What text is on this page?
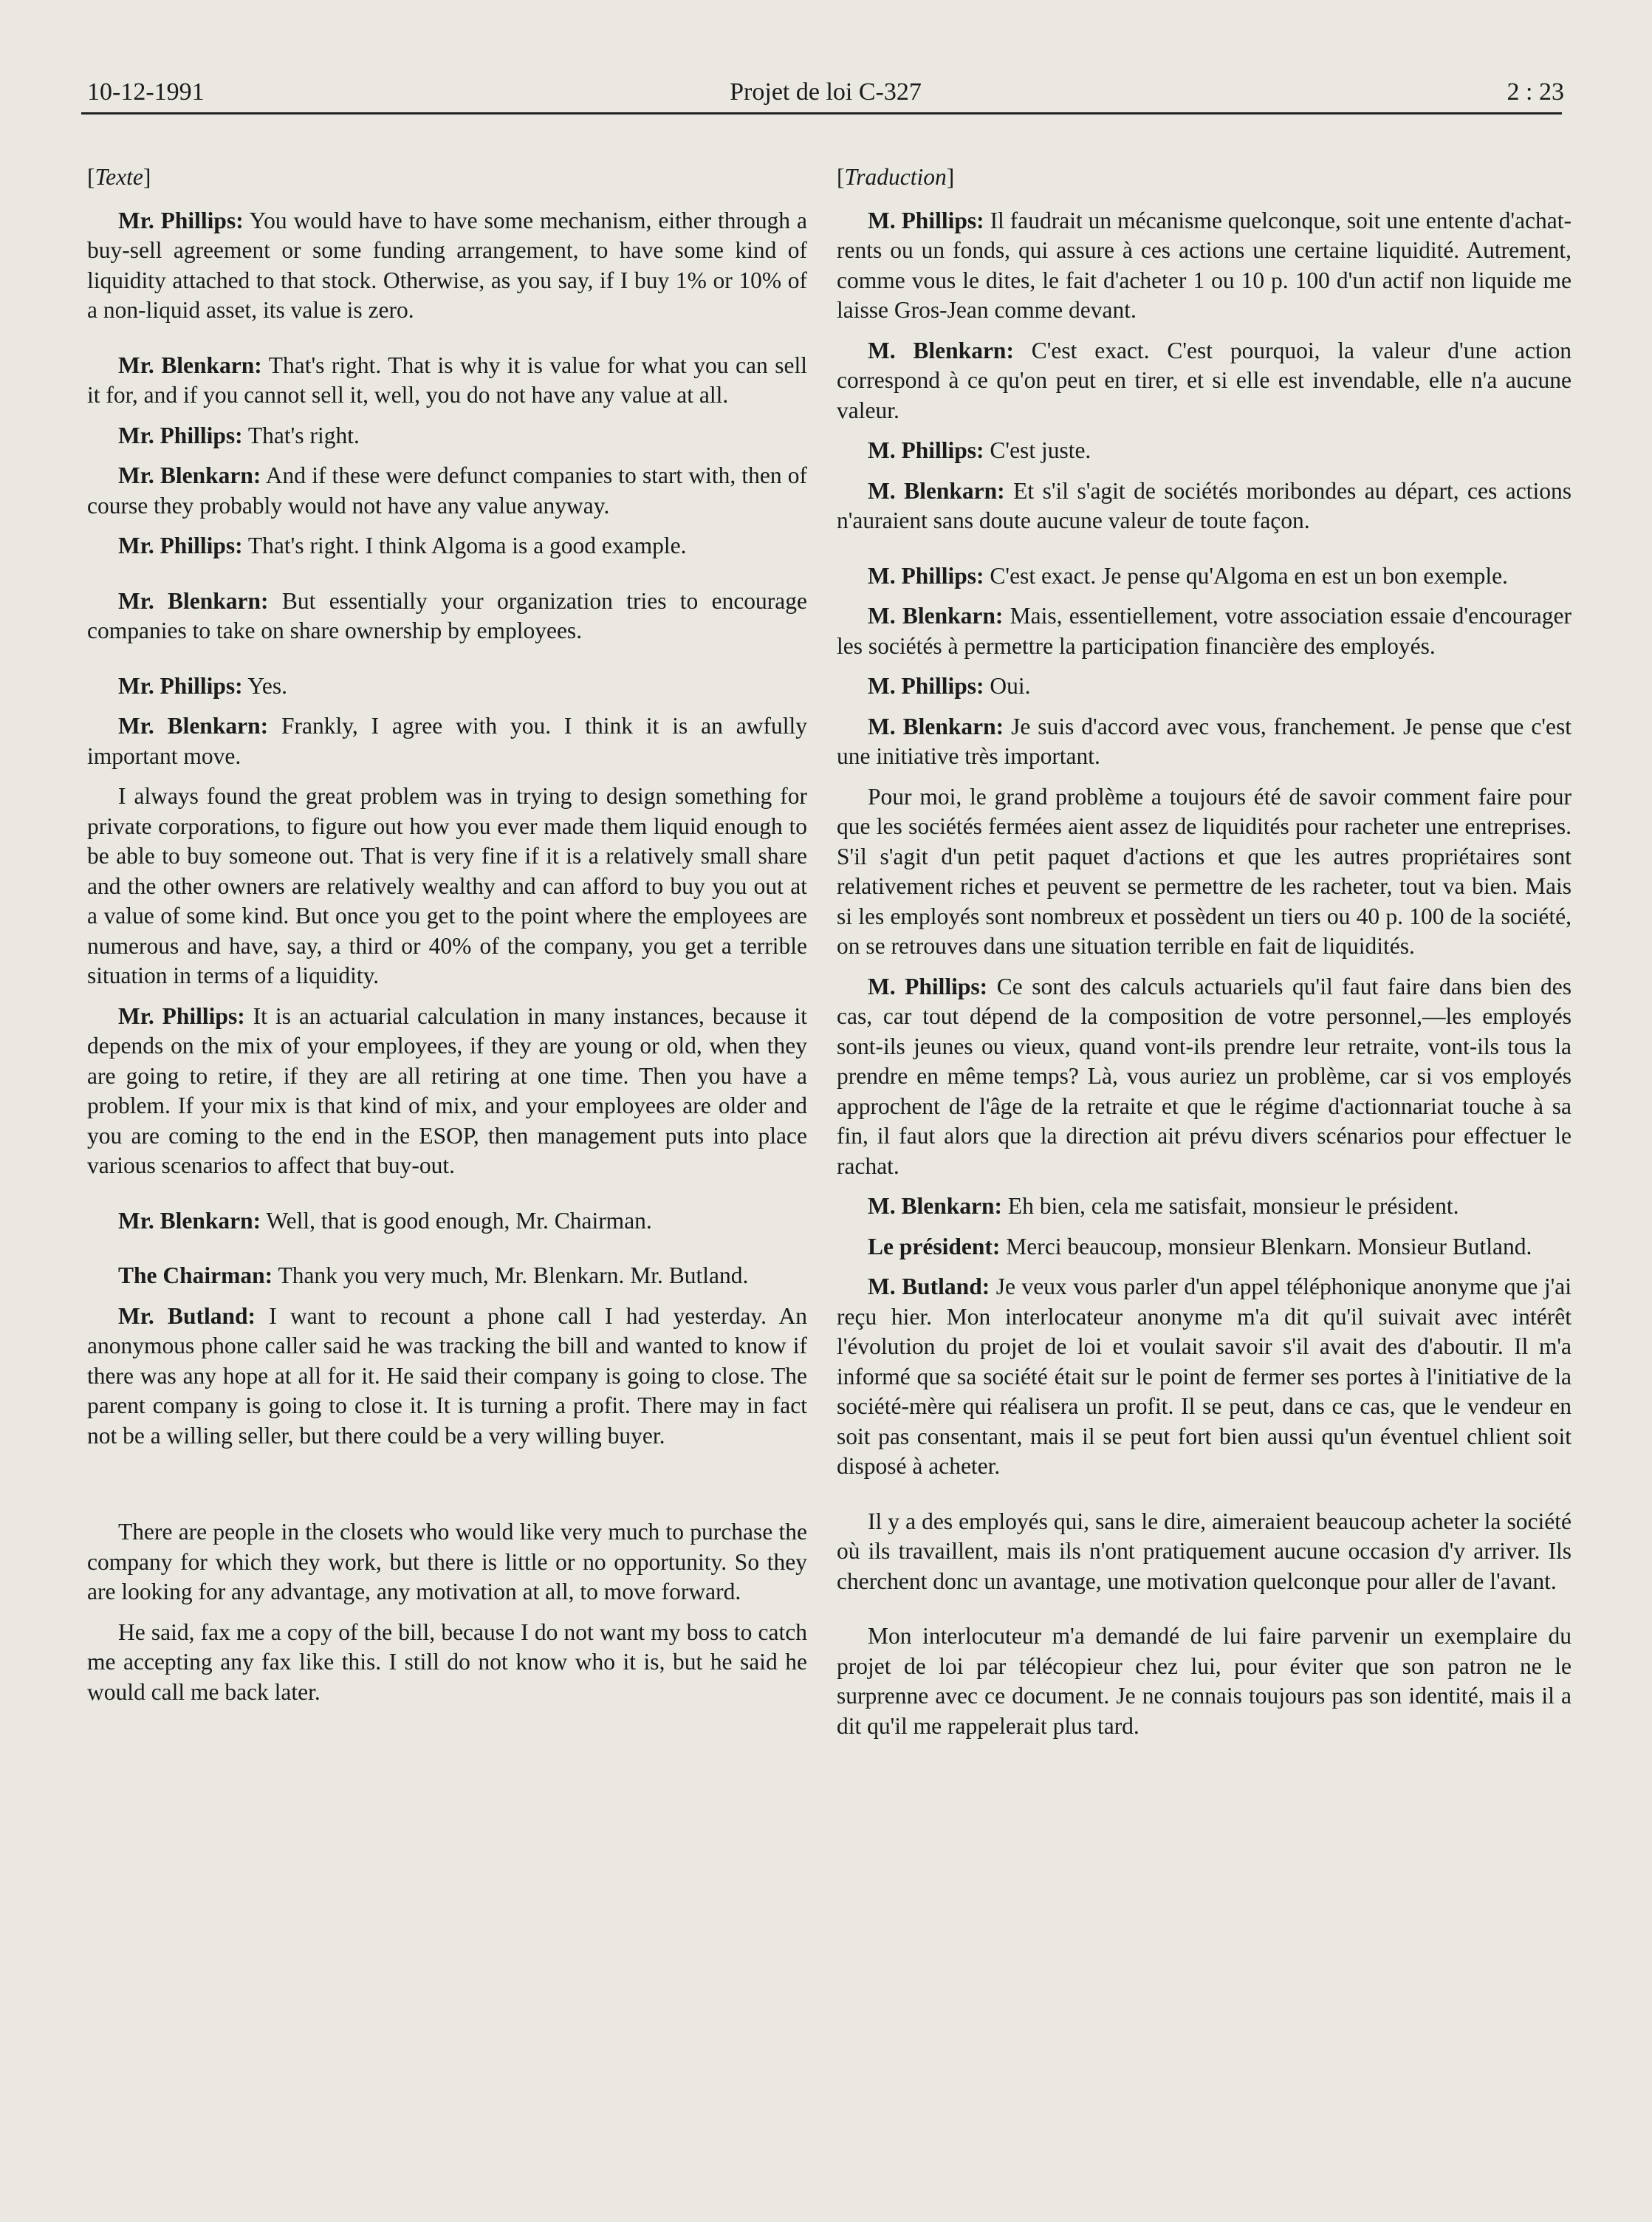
10-12-1991	Projet de loi C-327	2 : 23
[Texte]

Mr. Phillips: You would have to have some mechanism, either through a buy-sell agreement or some funding arrangement, to have some kind of liquidity attached to that stock. Otherwise, as you say, if I buy 1% or 10% of a non-liquid asset, its value is zero.

Mr. Blenkarn: That's right. That is why it is value for what you can sell it for, and if you cannot sell it, well, you do not have any value at all.

Mr. Phillips: That's right.

Mr. Blenkarn: And if these were defunct companies to start with, then of course they probably would not have any value anyway.

Mr. Phillips: That's right. I think Algoma is a good example.

Mr. Blenkarn: But essentially your organization tries to encourage companies to take on share ownership by employees.

Mr. Phillips: Yes.

Mr. Blenkarn: Frankly, I agree with you. I think it is an awfully important move.

I always found the great problem was in trying to design something for private corporations, to figure out how you ever made them liquid enough to be able to buy someone out. That is very fine if it is a relatively small share and the other owners are relatively wealthy and can afford to buy you out at a value of some kind. But once you get to the point where the employees are numerous and have, say, a third or 40% of the company, you get a terrible situation in terms of a liquidity.

Mr. Phillips: It is an actuarial calculation in many instances, because it depends on the mix of your employees, if they are young or old, when they are going to retire, if they are all retiring at one time. Then you have a problem. If your mix is that kind of mix, and your employees are older and you are coming to the end in the ESOP, then management puts into place various scenarios to affect that buy-out.

Mr. Blenkarn: Well, that is good enough, Mr. Chairman.

The Chairman: Thank you very much, Mr. Blenkarn. Mr. Butland.

Mr. Butland: I want to recount a phone call I had yesterday. An anonymous phone caller said he was tracking the bill and wanted to know if there was any hope at all for it. He said their company is going to close. The parent company is going to close it. It is turning a profit. There may in fact not be a willing seller, but there could be a very willing buyer.

There are people in the closets who would like very much to purchase the company for which they work, but there is little or no opportunity. So they are looking for any advantage, any motivation at all, to move forward.

He said, fax me a copy of the bill, because I do not want my boss to catch me accepting any fax like this. I still do not know who it is, but he said he would call me back later.

[Traduction]

M. Phillips: Il faudrait un mécanisme quelconque, soit une entente d'achat-rents ou un fonds, qui assure à ces actions une certaine liquidité. Autrement, comme vous le dites, le fait d'acheter 1 ou 10 p. 100 d'un actif non liquide me laisse Gros-Jean comme devant.

M. Blenkarn: C'est exact. C'est pourquoi, la valeur d'une action correspond à ce qu'on peut en tirer, et si elle est invendable, elle n'a aucune valeur.

M. Phillips: C'est juste.

M. Blenkarn: Et s'il s'agit de sociétés moribondes au départ, ces actions n'auraient sans doute aucune valeur de toute façon.

M. Phillips: C'est exact. Je pense qu'Algoma en est un bon exemple.

M. Blenkarn: Mais, essentiellement, votre association essaie d'encourager les sociétés à permettre la participation financière des employés.

M. Phillips: Oui.

M. Blenkarn: Je suis d'accord avec vous, franchement. Je pense que c'est une initiative très important.

Pour moi, le grand problème a toujours été de savoir comment faire pour que les sociétés fermées aient assez de liquidités pour racheter une entreprises. S'il s'agit d'un petit paquet d'actions et que les autres propriétaires sont relativement riches et peuvent se permettre de les racheter, tout va bien. Mais si les employés sont nombreux et possèdent un tiers ou 40 p. 100 de la société, on se retrouves dans une situation terrible en fait de liquidités.

M. Phillips: Ce sont des calculs actuariels qu'il faut faire dans bien des cas, car tout dépend de la composition de votre personnel,—les employés sont-ils jeunes ou vieux, quand vont-ils prendre leur retraite, vont-ils tous la prendre en même temps? Là, vous auriez un problème, car si vos employés approchent de l'âge de la retraite et que le régime d'actionnariat touche à sa fin, il faut alors que la direction ait prévu divers scénarios pour effectuer le rachat.

M. Blenkarn: Eh bien, cela me satisfait, monsieur le président.

Le président: Merci beaucoup, monsieur Blenkarn. Monsieur Butland.

M. Butland: Je veux vous parler d'un appel téléphonique anonyme que j'ai reçu hier. Mon interlocateur anonyme m'a dit qu'il suivait avec intérêt l'évolution du projet de loi et voulait savoir s'il avait des d'aboutir. Il m'a informé que sa société était sur le point de fermer ses portes à l'initiative de la société-mère qui réalisera un profit. Il se peut, dans ce cas, que le vendeur en soit pas consentant, mais il se peut fort bien aussi qu'un éventuel chlient soit disposé à acheter.

Il y a des employés qui, sans le dire, aimeraient beaucoup acheter la société où ils travaillent, mais ils n'ont pratiquement aucune occasion d'y arriver. Ils cherchent donc un avantage, une motivation quelconque pour aller de l'avant.

Mon interlocuteur m'a demandé de lui faire parvenir un exemplaire du projet de loi par télécopieur chez lui, pour éviter que son patron ne le surprenne avec ce document. Je ne connais toujours pas son identité, mais il a dit qu'il me rappelerait plus tard.
